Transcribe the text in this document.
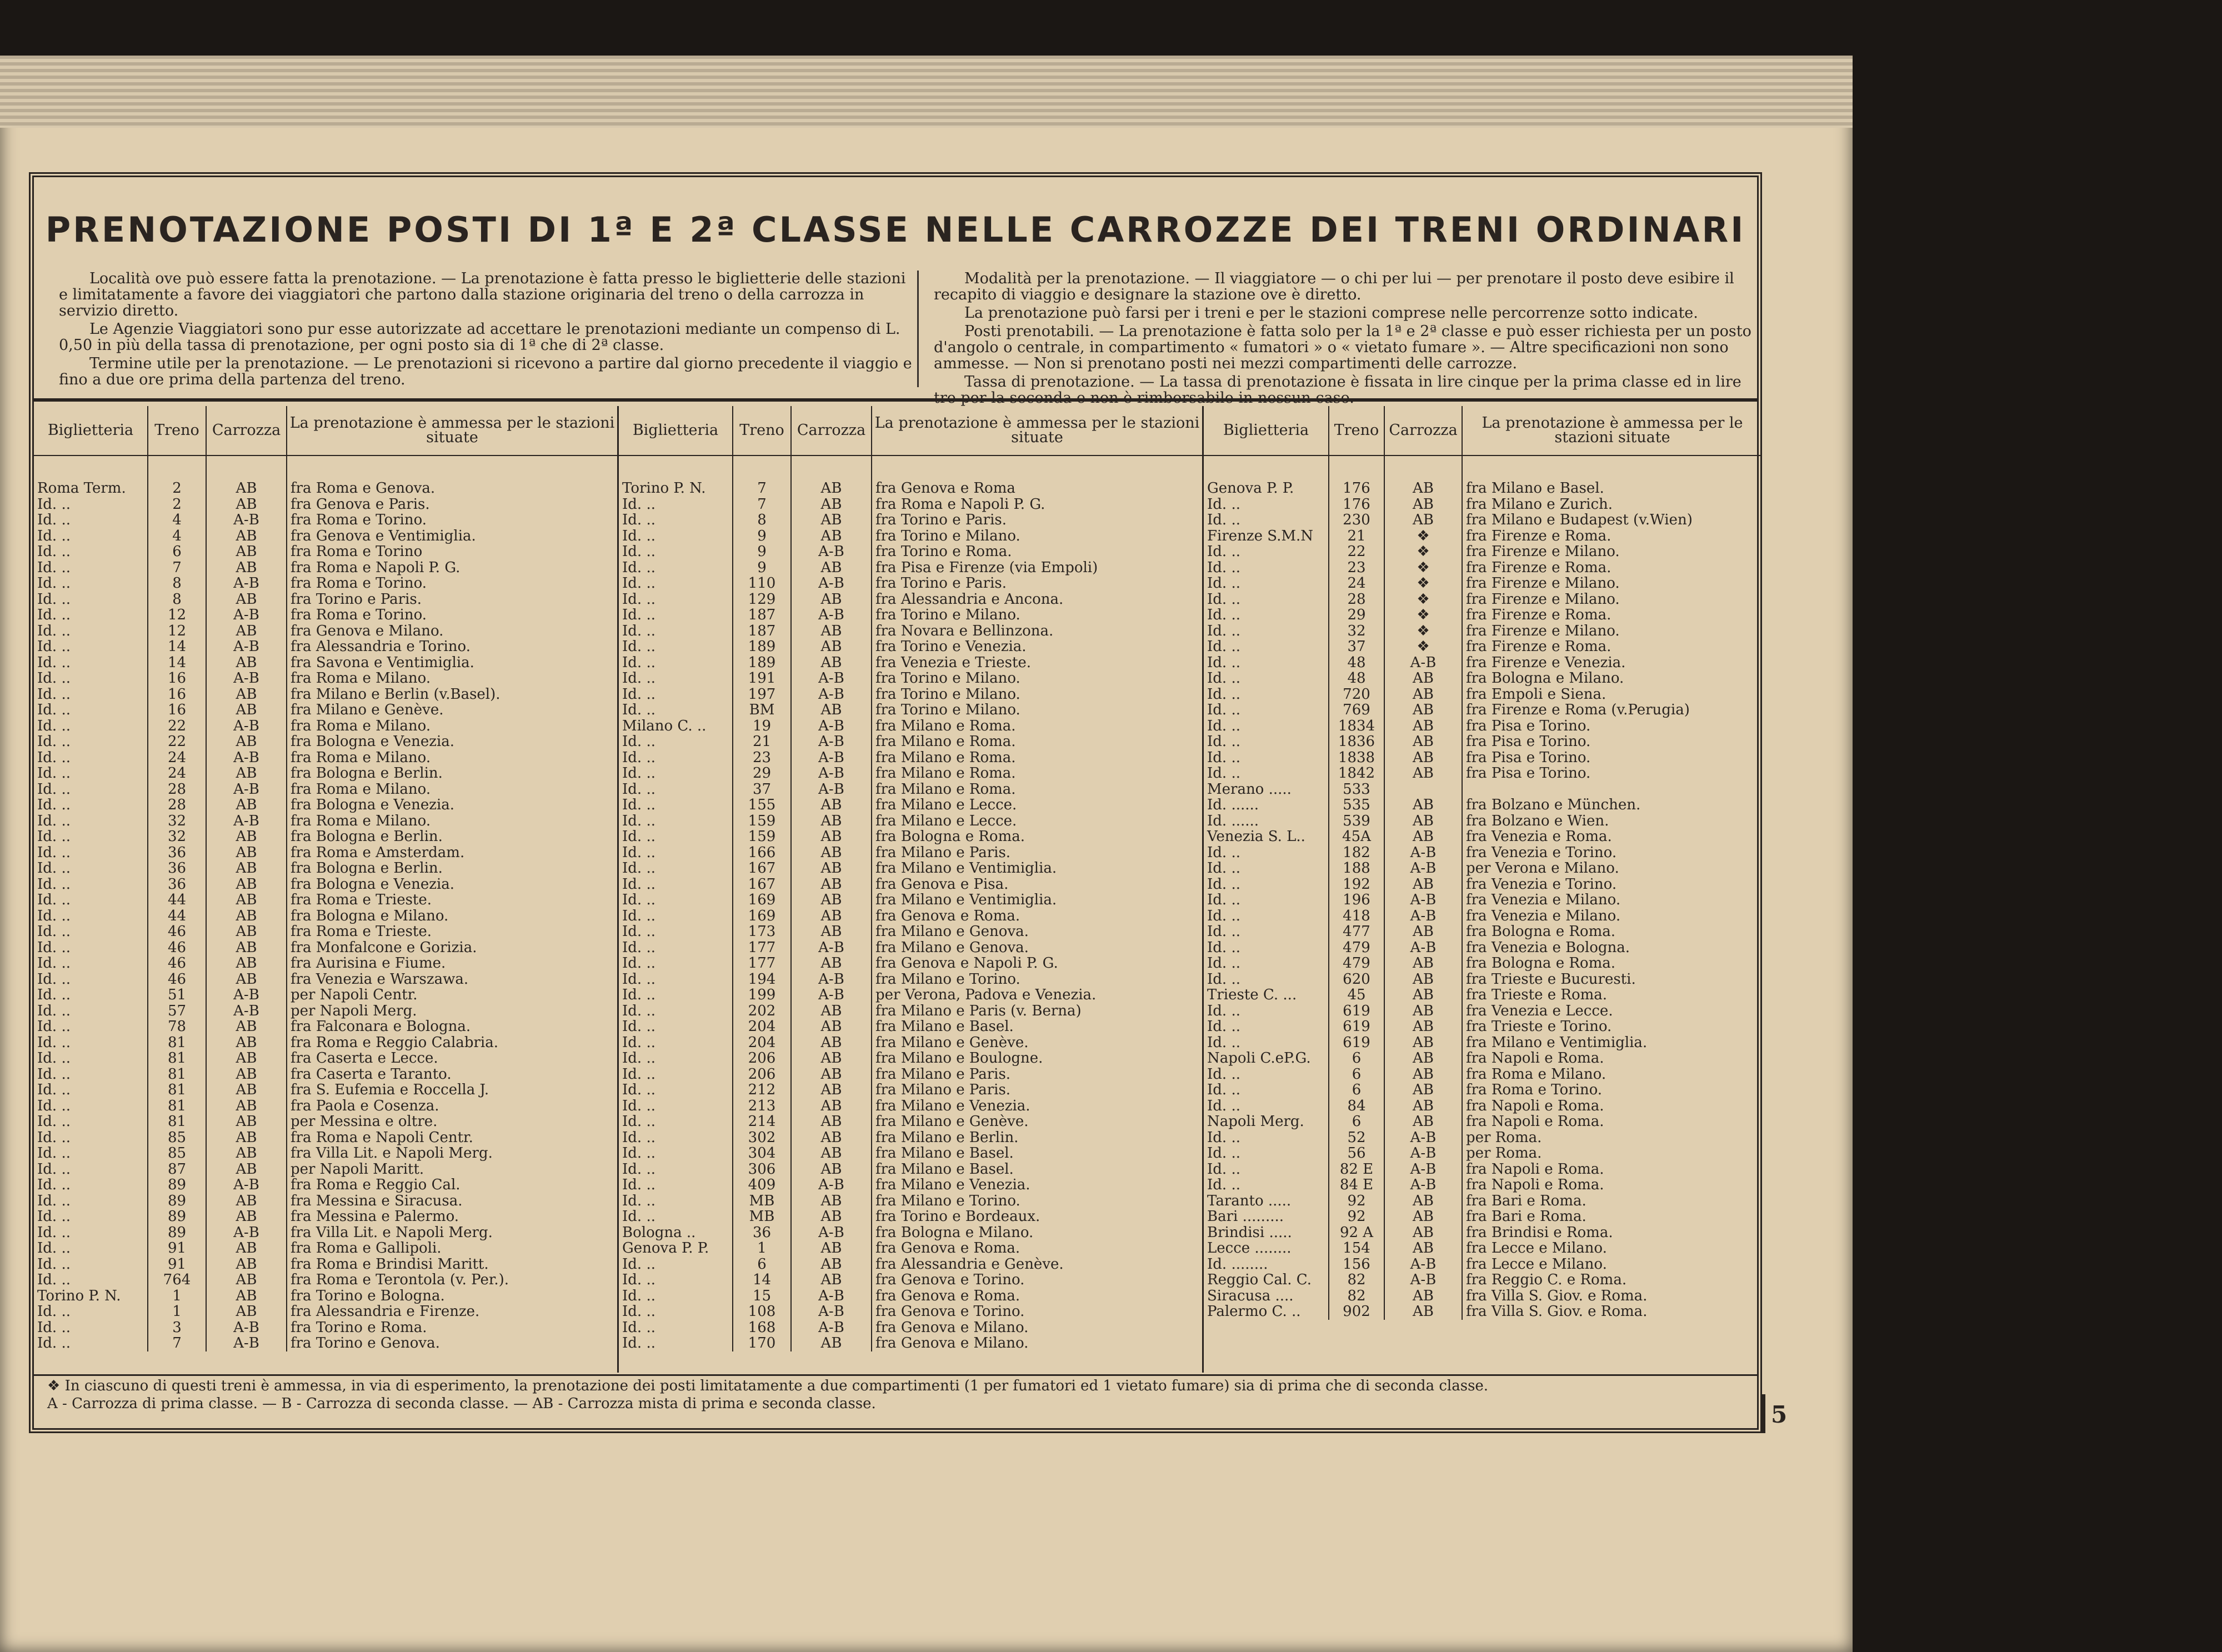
PRENOTAZIONE POSTI DI 1ª E 2ª CLASSE NELLE CARROZZE DEI TRENI ORDINARI

Località ove può essere fatta la prenotazione. — La prenotazione è fatta presso le biglietterie delle stazioni e limitatamente a favore dei viaggiatori che partono dalla stazione originaria del treno o della carrozza in servizio diretto.

Le Agenzie Viaggiatori sono pur esse autorizzate ad accettare le prenotazioni mediante un compenso di L. 0,50 in più della tassa di prenotazione, per ogni posto sia di 1ª che di 2ª classe.

Termine utile per la prenotazione. — Le prenotazioni si ricevono a partire dal giorno precedente il viaggio e fino a due ore prima della partenza del treno.

Modalità per la prenotazione. — Il viaggiatore — o chi per lui — per prenotare il posto deve esibire il recapito di viaggio e designare la stazione ove è diretto.

La prenotazione può farsi per i treni e per le stazioni comprese nelle percorrenze sotto indicate.

Posti prenotabili. — La prenotazione è fatta solo per la 1ª e 2ª classe e può esser richiesta per un posto d'angolo o centrale, in compartimento « fumatori » o « vietato fumare ». — Altre specificazioni non sono ammesse. — Non si prenotano posti nei mezzi compartimenti delle carrozze.

Tassa di prenotazione. — La tassa di prenotazione è fissata in lire cinque per la prima classe ed in lire

Biglietteria	Treno	Carrozza	La prenotazione è ammessa per le stazioni situate
Roma Term.	2	AB	fra Roma e Genova.
Id. ..	2	AB	fra Genova e Paris.
Id. ..	4	A-B	fra Roma e Torino.
Id. ..	4	AB	fra Genova e Ventimiglia.
Id. ..	6	AB	fra Roma e Torino
Id. ..	7	AB	fra Roma e Napoli P. G.
Id. ..	8	A-B	fra Roma e Torino.
Id. ..	8	AB	fra Torino e Paris.
Id. ..	12	A-B	fra Roma e Torino.
Id. ..	12	AB	fra Genova e Milano.
Id. ..	14	A-B	fra Alessandria e Torino.
Id. ..	14	AB	fra Savona e Ventimiglia.
Id. ..	16	A-B	fra Roma e Milano.
Id. ..	16	AB	fra Milano e Berlin (v.Basel).
Id. ..	16	AB	fra Milano e Genève.
Id. ..	22	A-B	fra Roma e Milano.
Id. ..	22	AB	fra Bologna e Venezia.
Id. ..	24	A-B	fra Roma e Milano.
Id. ..	24	AB	fra Bologna e Berlin.
Id. ..	28	A-B	fra Roma e Milano.
Id. ..	28	AB	fra Bologna e Venezia.
Id. ..	32	A-B	fra Roma e Milano.
Id. ..	32	AB	fra Bologna e Berlin.
Id. ..	36	AB	fra Roma e Amsterdam.
Id. ..	36	AB	fra Bologna e Berlin.
Id. ..	36	AB	fra Bologna e Venezia.
Id. ..	44	AB	fra Roma e Trieste.
Id. ..	44	AB	fra Bologna e Milano.
Id. ..	46	AB	fra Roma e Trieste.
Id. ..	46	AB	fra Monfalcone e Gorizia.
Id. ..	46	AB	fra Aurisina e Fiume.
Id. ..	46	AB	fra Venezia e Warszawa.
Id. ..	51	A-B	per Napoli Centr.
Id. ..	57	A-B	per Napoli Merg.
Id. ..	78	AB	fra Falconara e Bologna.
Id. ..	81	AB	fra Roma e Reggio Calabria.
Id. ..	81	AB	fra Caserta e Lecce.
Id. ..	81	AB	fra Caserta e Taranto.
Id. ..	81	AB	fra S. Eufemia e Roccella J.
Id. ..	81	AB	fra Paola e Cosenza.
Id. ..	81	AB	per Messina e oltre.
Id. ..	85	AB	fra Roma e Napoli Centr.
Id. ..	85	AB	fra Villa Lit. e Napoli Merg.
Id. ..	87	AB	per Napoli Maritt.
Id. ..	89	A-B	fra Roma e Reggio Cal.
Id. ..	89	AB	fra Messina e Siracusa.
Id. ..	89	AB	fra Messina e Palermo.
Id. ..	89	A-B	fra Villa Lit. e Napoli Merg.
Id. ..	91	AB	fra Roma e Gallipoli.
Id. ..	91	AB	fra Roma e Brindisi Maritt.
Id. ..	764	AB	fra Roma e Terontola (v. Per.).
Torino P. N.	1	AB	fra Torino e Bologna.
Id. ..	1	AB	fra Alessandria e Firenze.
Id. ..	3	A-B	fra Torino e Roma.
Id. ..	7	A-B	fra Torino e Genova.
Biglietteria	Treno	Carrozza	La prenotazione è ammessa per le stazioni situate
Torino P. N.	7	AB	fra Genova e Roma
Id. ..	7	AB	fra Roma e Napoli P. G.
Id. ..	8	AB	fra Torino e Paris.
Id. ..	9	AB	fra Torino e Milano.
Id. ..	9	A-B	fra Torino e Roma.
Id. ..	9	AB	fra Pisa e Firenze (via Empoli)
Id. ..	110	A-B	fra Torino e Paris.
Id. ..	129	AB	fra Alessandria e Ancona.
Id. ..	187	A-B	fra Torino e Milano.
Id. ..	187	AB	fra Novara e Bellinzona.
Id. ..	189	AB	fra Torino e Venezia.
Id. ..	189	AB	fra Venezia e Trieste.
Id. ..	191	A-B	fra Torino e Milano.
Id. ..	197	A-B	fra Torino e Milano.
Id. ..	BM	AB	fra Torino e Milano.
Milano C. ..	19	A-B	fra Milano e Roma.
Id. ..	21	A-B	fra Milano e Roma.
Id. ..	23	A-B	fra Milano e Roma.
Id. ..	29	A-B	fra Milano e Roma.
Id. ..	37	A-B	fra Milano e Roma.
Id. ..	155	AB	fra Milano e Lecce.
Id. ..	159	AB	fra Milano e Lecce.
Id. ..	159	AB	fra Bologna e Roma.
Id. ..	166	AB	fra Milano e Paris.
Id. ..	167	AB	fra Milano e Ventimiglia.
Id. ..	167	AB	fra Genova e Pisa.
Id. ..	169	AB	fra Milano e Ventimiglia.
Id. ..	169	AB	fra Genova e Roma.
Id. ..	173	AB	fra Milano e Genova.
Id. ..	177	A-B	fra Milano e Genova.
Id. ..	177	AB	fra Genova e Napoli P. G.
Id. ..	194	A-B	fra Milano e Torino.
Id. ..	199	A-B	per Verona, Padova e Venezia.
Id. ..	202	AB	fra Milano e Paris (v. Berna)
Id. ..	204	AB	fra Milano e Basel.
Id. ..	204	AB	fra Milano e Genève.
Id. ..	206	AB	fra Milano e Boulogne.
Id. ..	206	AB	fra Milano e Paris.
Id. ..	212	AB	fra Milano e Paris.
Id. ..	213	AB	fra Milano e Venezia.
Id. ..	214	AB	fra Milano e Genève.
Id. ..	302	AB	fra Milano e Berlin.
Id. ..	304	AB	fra Milano e Basel.
Id. ..	306	AB	fra Milano e Basel.
Id. ..	409	A-B	fra Milano e Venezia.
Id. ..	MB	AB	fra Milano e Torino.
Id. ..	MB	AB	fra Torino e Bordeaux.
Bologna ..	36	A-B	fra Bologna e Milano.
Genova P. P.	1	AB	fra Genova e Roma.
Id. ..	6	AB	fra Alessandria e Genève.
Id. ..	14	AB	fra Genova e Torino.
Id. ..	15	A-B	fra Genova e Roma.
Id. ..	108	A-B	fra Genova e Torino.
Id. ..	168	A-B	fra Genova e Milano.
Id. ..	170	AB	fra Genova e Milano.
Biglietteria	Treno	Carrozza	La prenotazione è ammessa per le stazioni situate
Genova P. P.	176	AB	fra Milano e Basel.
Id. ..	176	AB	fra Milano e Zurich.
Id. ..	230	AB	fra Milano e Budapest (v.Wien)
Firenze S.M.N	21	❖	fra Firenze e Roma.
Id. ..	22	❖	fra Firenze e Milano.
Id. ..	23	❖	fra Firenze e Roma.
Id. ..	24	❖	fra Firenze e Milano.
Id. ..	28	❖	fra Firenze e Milano.
Id. ..	29	❖	fra Firenze e Roma.
Id. ..	32	❖	fra Firenze e Milano.
Id. ..	37	❖	fra Firenze e Roma.
Id. ..	48	A-B	fra Firenze e Venezia.
Id. ..	48	AB	fra Bologna e Milano.
Id. ..	720	AB	fra Empoli e Siena.
Id. ..	769	AB	fra Firenze e Roma (v.Perugia)
Id. ..	1834	AB	fra Pisa e Torino.
Id. ..	1836	AB	fra Pisa e Torino.
Id. ..	1838	AB	fra Pisa e Torino.
Id. ..	1842	AB	fra Pisa e Torino.
Merano .....	533		
Id. ......	535	AB	fra Bolzano e München.
Id. ......	539	AB	fra Bolzano e Wien.
Venezia S. L..	45A	AB	fra Venezia e Roma.
Id. ..	182	A-B	fra Venezia e Torino.
Id. ..	188	A-B	per Verona e Milano.
Id. ..	192	AB	fra Venezia e Torino.
Id. ..	196	A-B	fra Venezia e Milano.
Id. ..	418	A-B	fra Venezia e Milano.
Id. ..	477	AB	fra Bologna e Roma.
Id. ..	479	A-B	fra Venezia e Bologna.
Id. ..	479	AB	fra Bologna e Roma.
Id. ..	620	AB	fra Trieste e Bucuresti.
Trieste C. ...	45	AB	fra Trieste e Roma.
Id. ..	619	AB	fra Venezia e Lecce.
Id. ..	619	AB	fra Trieste e Torino.
Id. ..	619	AB	fra Milano e Ventimiglia.
Napoli C.eP.G.	6	AB	fra Napoli e Roma.
Id. ..	6	AB	fra Roma e Milano.
Id. ..	6	AB	fra Roma e Torino.
Id. ..	84	AB	fra Napoli e Roma.
Napoli Merg.	6	AB	fra Napoli e Roma.
Id. ..	52	A-B	per Roma.
Id. ..	56	A-B	per Roma.
Id. ..	82 E	A-B	fra Napoli e Roma.
Id. ..	84 E	A-B	fra Napoli e Roma.
Taranto .....	92	AB	fra Bari e Roma.
Bari .........	92	AB	fra Bari e Roma.
Brindisi .....	92 A	AB	fra Brindisi e Roma.
Lecce ........	154	AB	fra Lecce e Milano.
Id. ........	156	A-B	fra Lecce e Milano.
Reggio Cal. C.	82	A-B	fra Reggio C. e Roma.
Siracusa ....	82	AB	fra Villa S. Giov. e Roma.
Palermo C. ..	902	AB	fra Villa S. Giov. e Roma.

❖ In ciascuno di questi treni è ammessa, in via di esperimento, la prenotazione dei posti limitatamente a due compartimenti (1 per fumatori ed 1 vietato fumare) sia di prima che di seconda classe.

A - Carrozza di prima classe. — B - Carrozza di seconda classe. — AB - Carrozza mista di prima e seconda classe.	5
